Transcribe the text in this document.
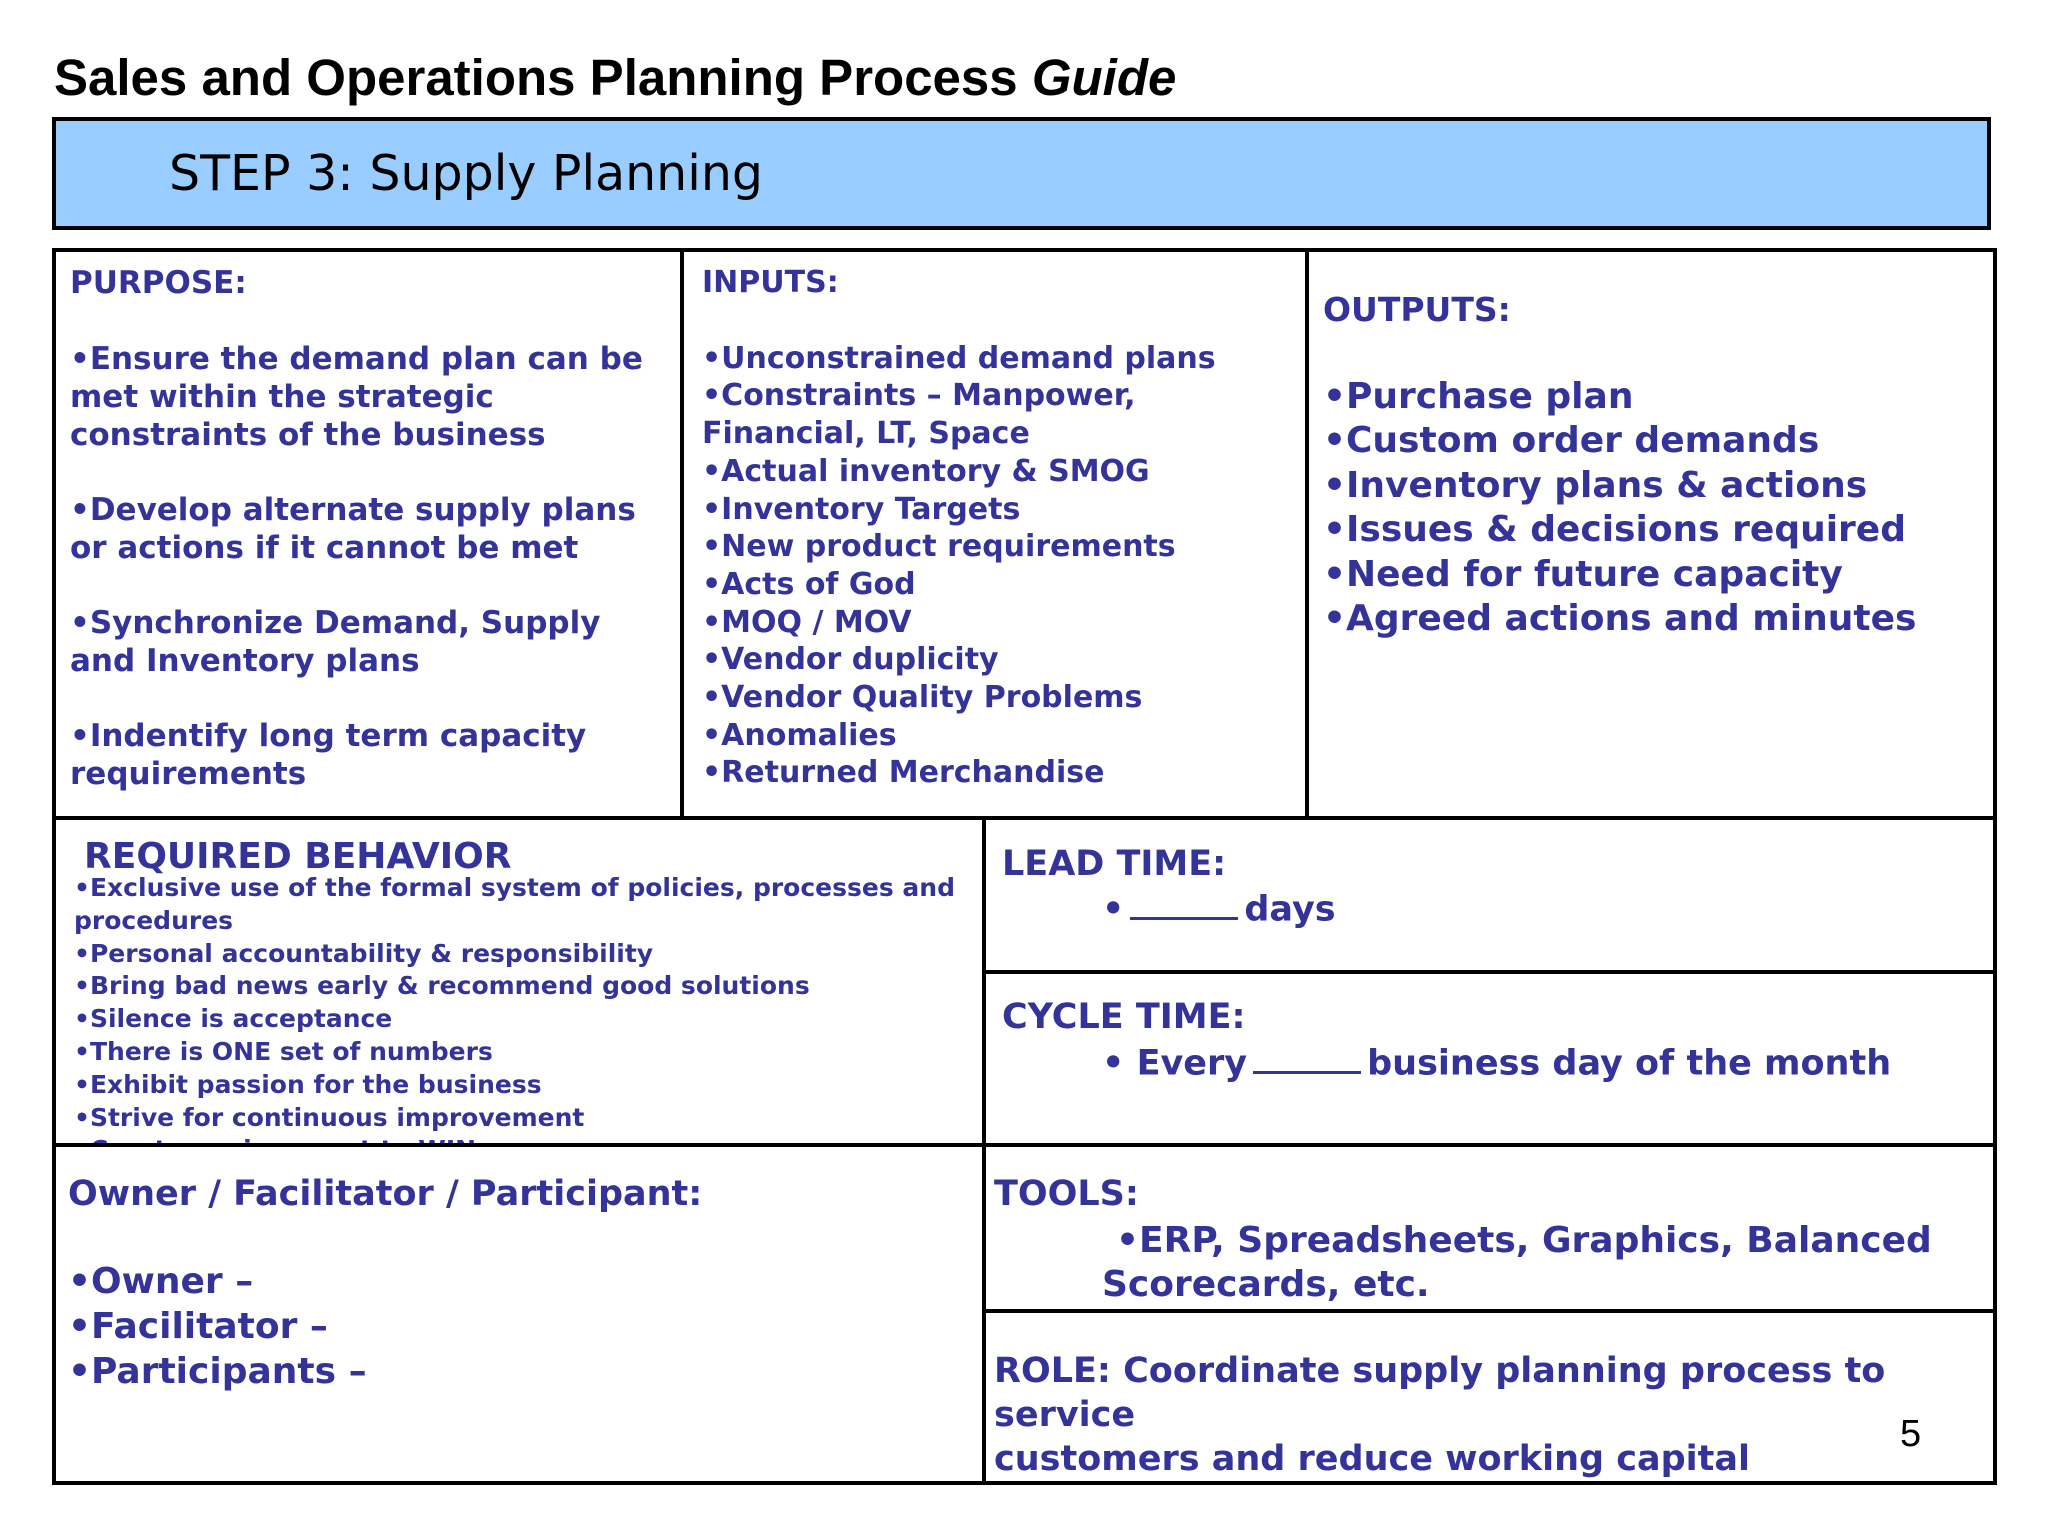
Sales and Operations Planning Process Guide
STEP 3: Supply Planning
PURPOSE:
•Ensure the demand plan can be met within the strategic constraints of the business
•Develop alternate supply plans or actions if it cannot be met
•Synchronize Demand, Supply and Inventory plans
•Indentify long term capacity requirements
INPUTS:
•Unconstrained demand plans
•Constraints – Manpower, Financial, LT, Space
•Actual inventory & SMOG
•Inventory Targets
•New product requirements
•Acts of God
•MOQ / MOV
•Vendor duplicity
•Vendor Quality Problems
•Anomalies
•Returned Merchandise
OUTPUTS:
•Purchase plan
•Custom order demands
•Inventory plans & actions
•Issues & decisions required
•Need for future capacity
•Agreed actions and minutes
REQUIRED BEHAVIOR
•Exclusive use of the formal system of policies, processes and procedures
•Personal accountability & responsibility
•Bring bad news early & recommend good solutions
•Silence is acceptance
•There is ONE set of numbers
•Exhibit passion for the business
•Strive for continuous improvement
LEAD TIME:
•	days
CYCLE TIME:
• Every	business day of the month
Owner / Facilitator / Participant:
•Owner –
•Facilitator –
•Participants –
TOOLS:
•ERP, Spreadsheets, Graphics, Balanced
Scorecards, etc.
ROLE: Coordinate supply planning process to service
customers and reduce working capital
5
